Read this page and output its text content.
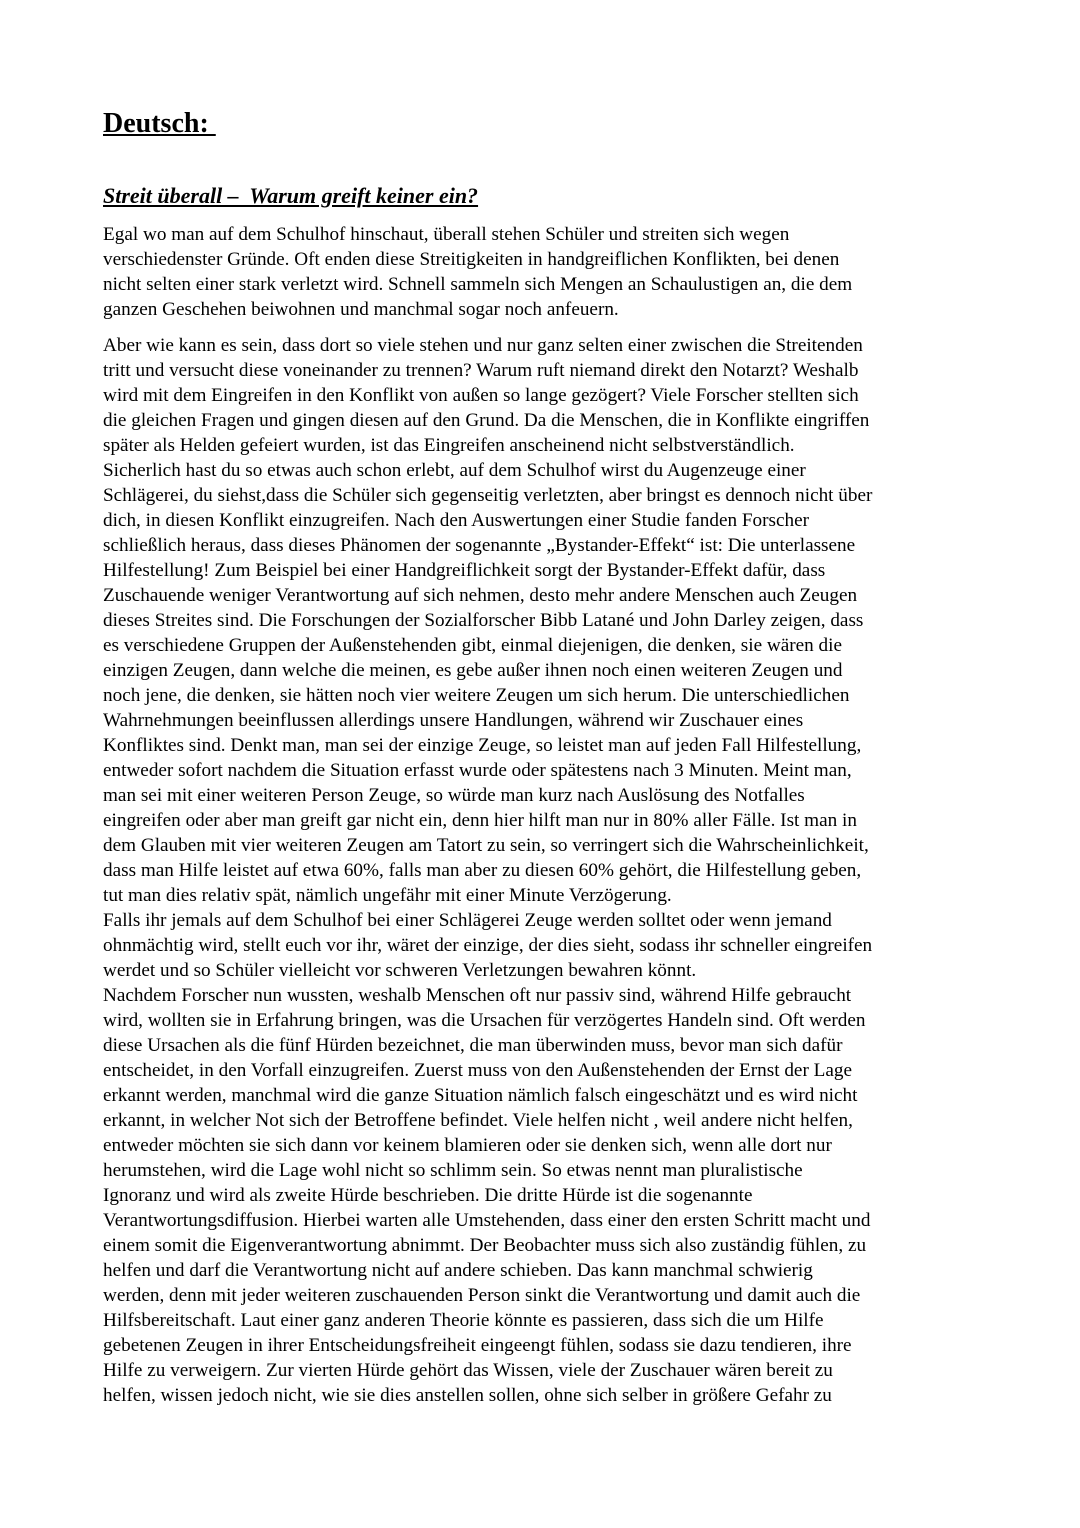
Deutsch:
Streit überall –  Warum greift keiner ein?

Egal wo man auf dem Schulhof hinschaut, überall stehen Schüler und streiten sich wegen
verschiedenster Gründe. Oft enden diese Streitigkeiten in handgreiflichen Konflikten, bei denen
nicht selten einer stark verletzt wird. Schnell sammeln sich Mengen an Schaulustigen an, die dem
ganzen Geschehen beiwohnen und manchmal sogar noch anfeuern.

Aber wie kann es sein, dass dort so viele stehen und nur ganz selten einer zwischen die Streitenden
tritt und versucht diese voneinander zu trennen? Warum ruft niemand direkt den Notarzt? Weshalb
wird mit dem Eingreifen in den Konflikt von außen so lange gezögert? Viele Forscher stellten sich
die gleichen Fragen und gingen diesen auf den Grund. Da die Menschen, die in Konflikte eingriffen
später als Helden gefeiert wurden, ist das Eingreifen anscheinend nicht selbstverständlich.
Sicherlich hast du so etwas auch schon erlebt, auf dem Schulhof wirst du Augenzeuge einer
Schlägerei, du siehst,dass die Schüler sich gegenseitig verletzten, aber bringst es dennoch nicht über
dich, in diesen Konflikt einzugreifen. Nach den Auswertungen einer Studie fanden Forscher
schließlich heraus, dass dieses Phänomen der sogenannte „Bystander-Effekt“ ist: Die unterlassene
Hilfestellung! Zum Beispiel bei einer Handgreiflichkeit sorgt der Bystander-Effekt dafür, dass
Zuschauende weniger Verantwortung auf sich nehmen, desto mehr andere Menschen auch Zeugen
dieses Streites sind. Die Forschungen der Sozialforscher Bibb Latané und John Darley zeigen, dass
es verschiedene Gruppen der Außenstehenden gibt, einmal diejenigen, die denken, sie wären die
einzigen Zeugen, dann welche die meinen, es gebe außer ihnen noch einen weiteren Zeugen und
noch jene, die denken, sie hätten noch vier weitere Zeugen um sich herum. Die unterschiedlichen
Wahrnehmungen beeinflussen allerdings unsere Handlungen, während wir Zuschauer eines
Konfliktes sind. Denkt man, man sei der einzige Zeuge, so leistet man auf jeden Fall Hilfestellung,
entweder sofort nachdem die Situation erfasst wurde oder spätestens nach 3 Minuten. Meint man,
man sei mit einer weiteren Person Zeuge, so würde man kurz nach Auslösung des Notfalles
eingreifen oder aber man greift gar nicht ein, denn hier hilft man nur in 80% aller Fälle. Ist man in
dem Glauben mit vier weiteren Zeugen am Tatort zu sein, so verringert sich die Wahrscheinlichkeit,
dass man Hilfe leistet auf etwa 60%, falls man aber zu diesen 60% gehört, die Hilfestellung geben,
tut man dies relativ spät, nämlich ungefähr mit einer Minute Verzögerung.
Falls ihr jemals auf dem Schulhof bei einer Schlägerei Zeuge werden solltet oder wenn jemand
ohnmächtig wird, stellt euch vor ihr, wäret der einzige, der dies sieht, sodass ihr schneller eingreifen
werdet und so Schüler vielleicht vor schweren Verletzungen bewahren könnt.
Nachdem Forscher nun wussten, weshalb Menschen oft nur passiv sind, während Hilfe gebraucht
wird, wollten sie in Erfahrung bringen, was die Ursachen für verzögertes Handeln sind. Oft werden
diese Ursachen als die fünf Hürden bezeichnet, die man überwinden muss, bevor man sich dafür
entscheidet, in den Vorfall einzugreifen. Zuerst muss von den Außenstehenden der Ernst der Lage
erkannt werden, manchmal wird die ganze Situation nämlich falsch eingeschätzt und es wird nicht
erkannt, in welcher Not sich der Betroffene befindet. Viele helfen nicht , weil andere nicht helfen,
entweder möchten sie sich dann vor keinem blamieren oder sie denken sich, wenn alle dort nur
herumstehen, wird die Lage wohl nicht so schlimm sein. So etwas nennt man pluralistische
Ignoranz und wird als zweite Hürde beschrieben. Die dritte Hürde ist die sogenannte
Verantwortungsdiffusion. Hierbei warten alle Umstehenden, dass einer den ersten Schritt macht und
einem somit die Eigenverantwortung abnimmt. Der Beobachter muss sich also zuständig fühlen, zu
helfen und darf die Verantwortung nicht auf andere schieben. Das kann manchmal schwierig
werden, denn mit jeder weiteren zuschauenden Person sinkt die Verantwortung und damit auch die
Hilfsbereitschaft. Laut einer ganz anderen Theorie könnte es passieren, dass sich die um Hilfe
gebetenen Zeugen in ihrer Entscheidungsfreiheit eingeengt fühlen, sodass sie dazu tendieren, ihre
Hilfe zu verweigern. Zur vierten Hürde gehört das Wissen, viele der Zuschauer wären bereit zu
helfen, wissen jedoch nicht, wie sie dies anstellen sollen, ohne sich selber in größere Gefahr zu
